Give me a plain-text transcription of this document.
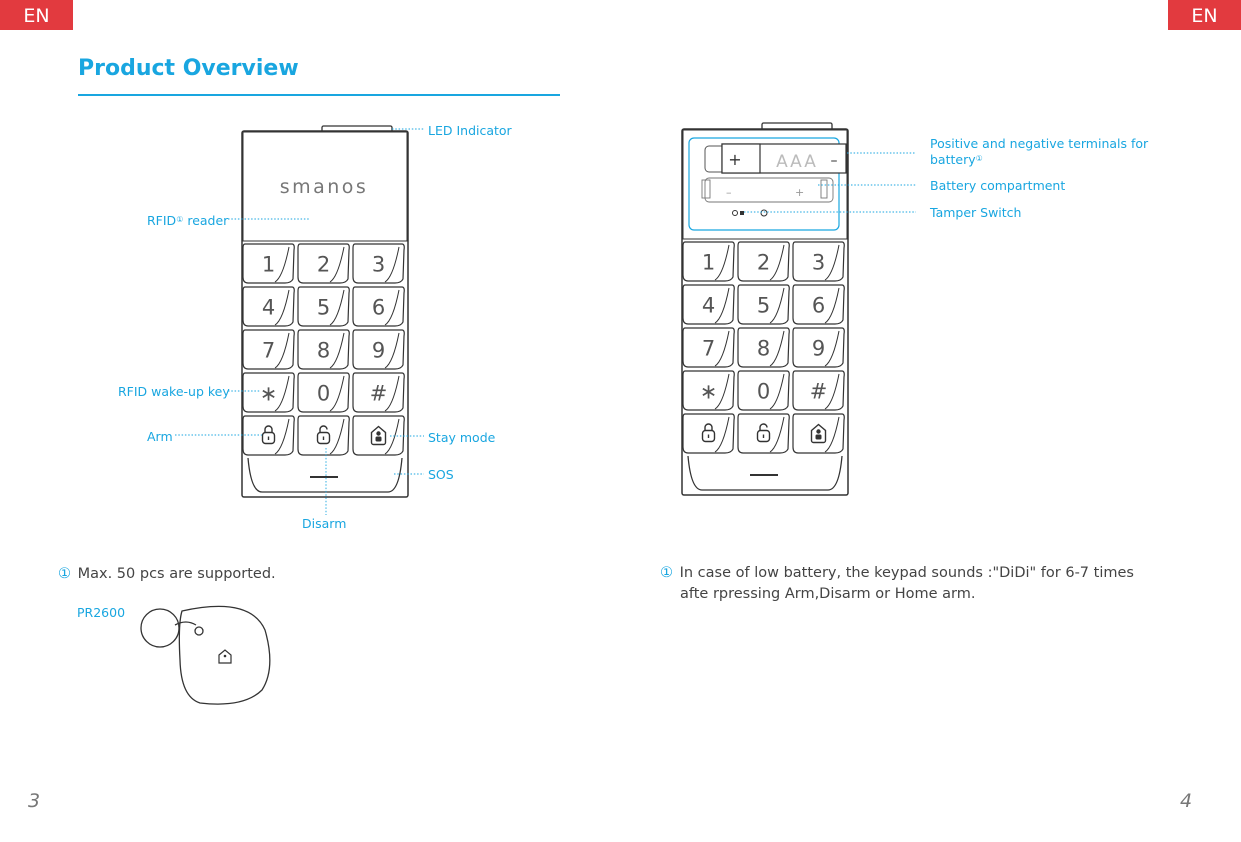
EN	EN
Product Overview
smanos
1 2 3
4 5 6
7 8 9
∗ 0 #
+ AAA –
–	+
1 2 3
4 5 6
7 8 9
∗ 0 #
LED Indicator
RFID① reader
RFID wake-up key
Arm	Stay mode
SOS
Disarm
Positive and negative terminals for
battery①
Battery compartment
Tamper Switch
① Max. 50 pcs are supported.
PR2600
① In case of low battery, the keypad sounds :"DiDi" for 6-7 times
afte rpressing Arm,Disarm or Home arm.
3	4
